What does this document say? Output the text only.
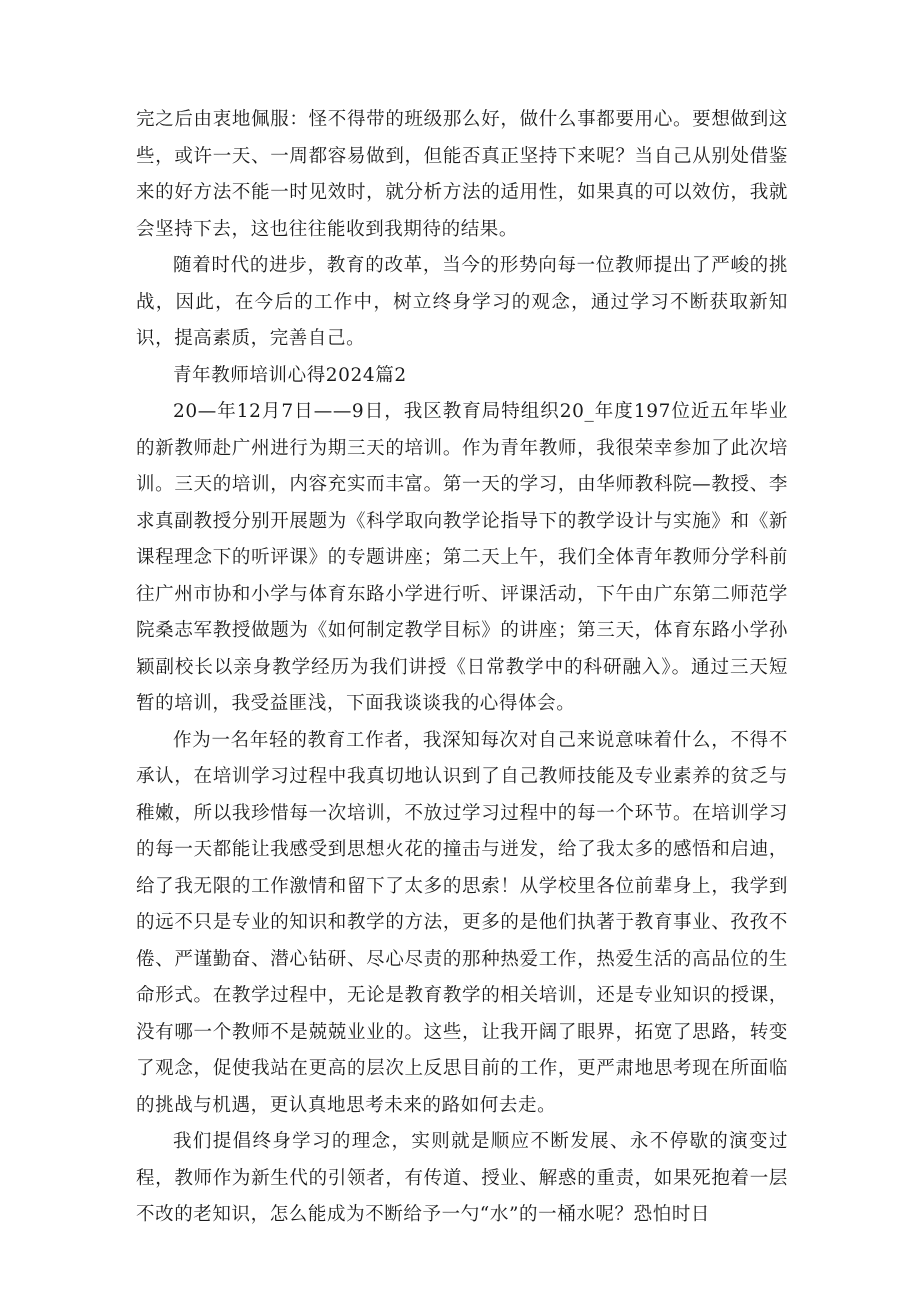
完之后由衷地佩服：怪不得带的班级那么好，做什么事都要用心。要想做到这些，或许一天、一周都容易做到，但能否真正坚持下来呢？当自己从别处借鉴来的好方法不能一时见效时，就分析方法的适用性，如果真的可以效仿，我就会坚持下去，这也往往能收到我期待的结果。

随着时代的进步，教育的改革，当今的形势向每一位教师提出了严峻的挑战，因此，在今后的工作中，树立终身学习的观念，通过学习不断获取新知识，提高素质，完善自己。

青年教师培训心得2024篇2

20—年12月7日——9日，我区教育局特组织20_年度197位近五年毕业的新教师赴广州进行为期三天的培训。作为青年教师，我很荣幸参加了此次培训。三天的培训，内容充实而丰富。第一天的学习，由华师教科院—教授、李求真副教授分别开展题为《科学取向教学论指导下的教学设计与实施》和《新课程理念下的听评课》的专题讲座；第二天上午，我们全体青年教师分学科前往广州市协和小学与体育东路小学进行听、评课活动，下午由广东第二师范学院桑志军教授做题为《如何制定教学目标》的讲座；第三天，体育东路小学孙颖副校长以亲身教学经历为我们讲授《日常教学中的科研融入》。通过三天短暂的培训，我受益匪浅，下面我谈谈我的心得体会。

作为一名年轻的教育工作者，我深知每次对自己来说意味着什么，不得不承认，在培训学习过程中我真切地认识到了自己教师技能及专业素养的贫乏与稚嫩，所以我珍惜每一次培训，不放过学习过程中的每一个环节。在培训学习的每一天都能让我感受到思想火花的撞击与迸发，给了我太多的感悟和启迪，给了我无限的工作激情和留下了太多的思索！从学校里各位前辈身上，我学到的远不只是专业的知识和教学的方法，更多的是他们执著于教育事业、孜孜不倦、严谨勤奋、潜心钻研、尽心尽责的那种热爱工作，热爱生活的高品位的生命形式。在教学过程中，无论是教育教学的相关培训，还是专业知识的授课，没有哪一个教师不是兢兢业业的。这些，让我开阔了眼界，拓宽了思路，转变了观念，促使我站在更高的层次上反思目前的工作，更严肃地思考现在所面临的挑战与机遇，更认真地思考未来的路如何去走。

我们提倡终身学习的理念，实则就是顺应不断发展、永不停歇的演变过程，教师作为新生代的引领者，有传道、授业、解惑的重责，如果死抱着一层不改的老知识，怎么能成为不断给予一勺“水”的一桶水呢？恐怕时日
